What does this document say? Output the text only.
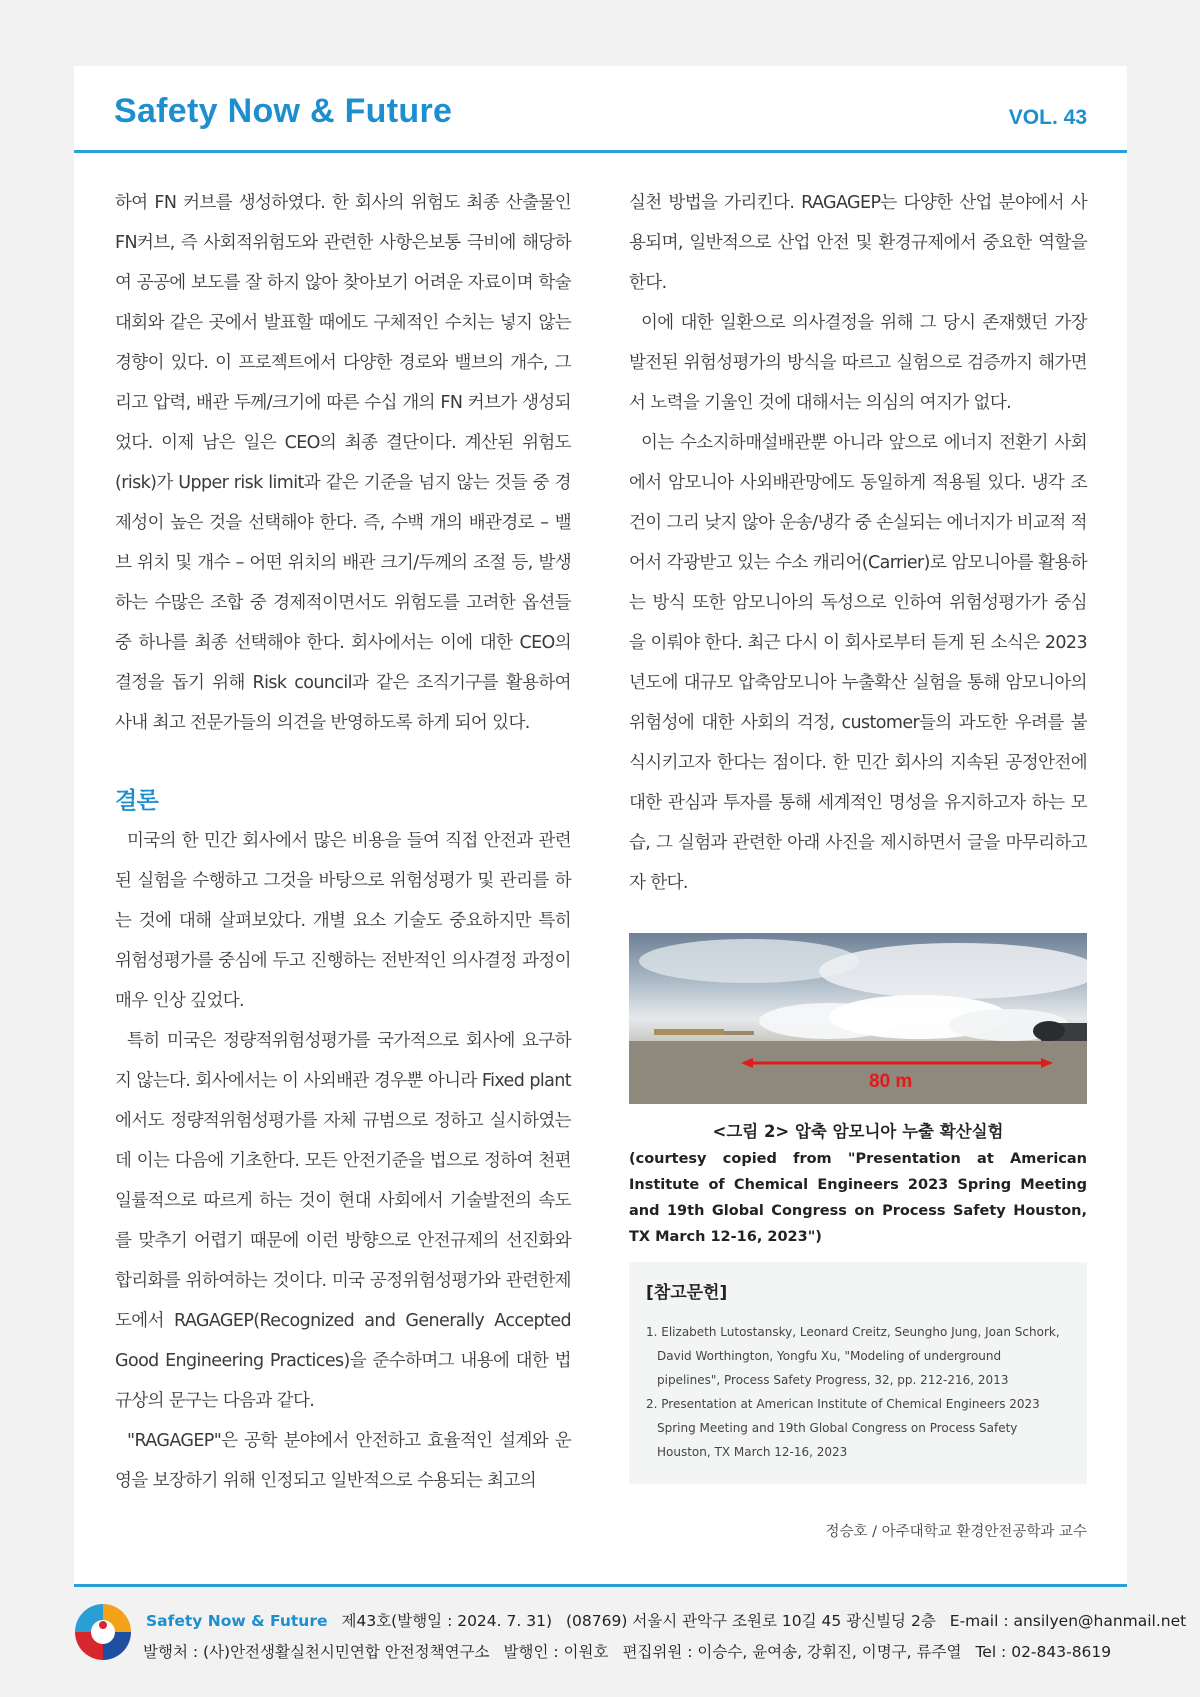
Safety Now & Future	VOL. 43

하여 FN 커브를 생성하였다. 한 회사의 위험도 최종 산출물인 FN커브, 즉 사회적위험도와 관련한 사항은보통 극비에 해당하여 공공에 보도를 잘 하지 않아 찾아보기 어려운 자료이며 학술대회와 같은 곳에서 발표할 때에도 구체적인 수치는 넣지 않는 경향이 있다. 이 프로젝트에서 다양한 경로와 밸브의 개수, 그리고 압력, 배관 두께/크기에 따른 수십 개의 FN 커브가 생성되었다. 이제 남은 일은 CEO의 최종 결단이다. 계산된 위험도(risk)가 Upper risk limit과 같은 기준을 넘지 않는 것들 중 경제성이 높은 것을 선택해야 한다. 즉, 수백 개의 배관경로 – 밸브 위치 및 개수 – 어떤 위치의 배관 크기/두께의 조절 등, 발생하는 수많은 조합 중 경제적이면서도 위험도를 고려한 옵션들 중 하나를 최종 선택해야 한다. 회사에서는 이에 대한 CEO의 결정을 돕기 위해 Risk council과 같은 조직기구를 활용하여 사내 최고 전문가들의 의견을 반영하도록 하게 되어 있다.

결론

미국의 한 민간 회사에서 많은 비용을 들여 직접 안전과 관련된 실험을 수행하고 그것을 바탕으로 위험성평가 및 관리를 하는 것에 대해 살펴보았다. 개별 요소 기술도 중요하지만 특히 위험성평가를 중심에 두고 진행하는 전반적인 의사결정 과정이 매우 인상 깊었다.

특히 미국은 정량적위험성평가를 국가적으로 회사에 요구하지 않는다. 회사에서는 이 사외배관 경우뿐 아니라 Fixed plant에서도 정량적위험성평가를 자체 규범으로 정하고 실시하였는데 이는 다음에 기초한다. 모든 안전기준을 법으로 정하여 천편일률적으로 따르게 하는 것이 현대 사회에서 기술발전의 속도를 맞추기 어렵기 때문에 이런 방향으로 안전규제의 선진화와 합리화를 위하여하는 것이다. 미국 공정위험성평가와 관련한제도에서 RAGAGEP(Recognized and Generally Accepted Good Engineering Practices)을 준수하며그 내용에 대한 법규상의 문구는 다음과 같다.

"RAGAGEP"은 공학 분야에서 안전하고 효율적인 설계와 운영을 보장하기 위해 인정되고 일반적으로 수용되는 최고의

실천 방법을 가리킨다. RAGAGEP는 다양한 산업 분야에서 사용되며, 일반적으로 산업 안전 및 환경규제에서 중요한 역할을 한다.

이에 대한 일환으로 의사결정을 위해 그 당시 존재했던 가장 발전된 위험성평가의 방식을 따르고 실험으로 검증까지 해가면서 노력을 기울인 것에 대해서는 의심의 여지가 없다.

이는 수소지하매설배관뿐 아니라 앞으로 에너지 전환기 사회에서 암모니아 사외배관망에도 동일하게 적용될 있다. 냉각 조건이 그리 낮지 않아 운송/냉각 중 손실되는 에너지가 비교적 적어서 각광받고 있는 수소 캐리어(Carrier)로 암모니아를 활용하는 방식 또한 암모니아의 독성으로 인하여 위험성평가가 중심을 이뤄야 한다. 최근 다시 이 회사로부터 듣게 된 소식은 2023년도에 대규모 압축암모니아 누출확산 실험을 통해 암모니아의 위험성에 대한 사회의 걱정, customer들의 과도한 우려를 불식시키고자 한다는 점이다. 한 민간 회사의 지속된 공정안전에 대한 관심과 투자를 통해 세계적인 명성을 유지하고자 하는 모습, 그 실험과 관련한 아래 사진을 제시하면서 글을 마무리하고자 한다.

80 m
<그림 2> 압축 암모니아 누출 확산실험
(courtesy copied from "Presentation at American Institute of Chemical Engineers 2023 Spring Meeting and 19th Global Congress on Process Safety Houston, TX March 12-16, 2023")
[참고문헌]

1. Elizabeth Lutostansky, Leonard Creitz, Seungho Jung, Joan Schork, David Worthington, Yongfu Xu, "Modeling of underground pipelines", Process Safety Progress, 32, pp. 212-216, 2013

2. Presentation at American Institute of Chemical Engineers 2023 Spring Meeting and 19th Global Congress on Process Safety Houston, TX March 12-16, 2023

정승호 / 아주대학교 환경안전공학과 교수
Safety Now & Future 제43호(발행일 : 2024. 7. 31) (08769) 서울시 관악구 조원로 10길 45 광신빌딩 2층 E-mail : ansilyen@hanmail.net
발행처 : (사)안전생활실천시민연합 안전정책연구소 발행인 : 이원호 편집위원 : 이승수, 윤여송, 강휘진, 이명구, 류주열 Tel : 02-843-8619
